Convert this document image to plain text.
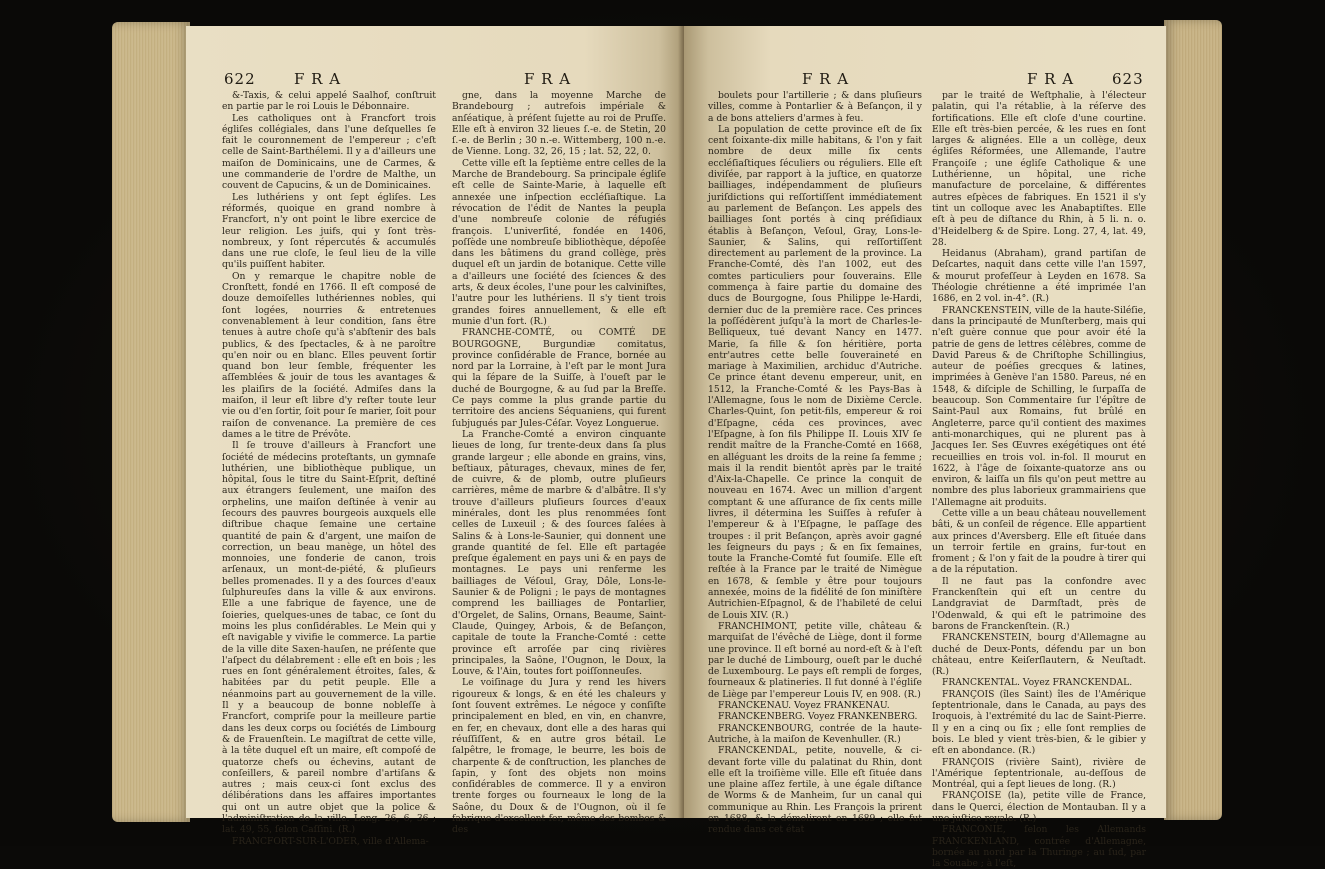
622	F R A	F R A

&-Taxis, & celui appelé Saalhof, conſtruit en partie par le roi Louis le Débonnaire.

Les catholiques ont à Francfort trois égliſes collégiales, dans l'une deſquelles ſe fait le couronnement de l'empereur ; c'eſt celle de Saint-Barthélemi. Il y a d'ailleurs une maiſon de Dominicains, une de Carmes, & une commanderie de l'ordre de Malthe, un couvent de Capucins, & un de Dominicaines.

Les luthériens y ont ſept égliſes. Les réformés, quoique en grand nombre à Francfort, n'y ont point le libre exercice de leur religion. Les juifs, qui y ſont très-nombreux, y ſont répercutés & accumulés dans une rue cloſe, le ſeul lieu de la ville qu'ils puiſſent habiter.

On y remarque le chapitre noble de Cronſtett, fondé en 1766. Il eſt composé de douze demoiſelles luthériennes nobles, qui ſont logées, nourries & entretenues convenablement à leur condition, ſans être tenues à autre choſe qu'à s'abſtenir des bals publics, & des ſpectacles, & à ne paroître qu'en noir ou en blanc. Elles peuvent ſortir quand bon leur ſemble, fréquenter les aſſemblées & jouir de tous les avantages & les plaiſirs de la ſociété. Admiſes dans la maiſon, il leur eſt libre d'y reſter toute leur vie ou d'en ſortir, ſoit pour ſe marier, ſoit pour raiſon de convenance. La première de ces dames a le titre de Prévôte.

Il ſe trouve d'ailleurs à Francfort une ſociété de médecins proteſtants, un gymnaſe luthérien, une bibliothèque publique, un hôpital, ſous le titre du Saint-Eſprit, deſtiné aux étrangers ſeulement, une maiſon des orphelins, une maiſon deſtinée à venir au ſecours des pauvres bourgeois auxquels elle diſtribue chaque ſemaine une certaine quantité de pain & d'argent, une maiſon de correction, un beau manège, un hôtel des monnoies, une fonderie de canon, trois arſenaux, un mont-de-piété, & pluſieurs belles promenades. Il y a des ſources d'eaux ſulphureuſes dans la ville & aux environs. Elle a une fabrique de fayence, une de ſoieries, quelques-unes de tabac, ce ſont du moins les plus conſidérables. Le Mein qui y eſt navigable y vivifie le commerce. La partie de la ville dite Saxen-hauſen, ne préſente que l'aſpect du délabrement : elle eſt en bois ; les rues en ſont généralement étroites, ſales, & habitées par du petit peuple. Elle a néanmoins part au gouvernement de la ville. Il y a beaucoup de bonne nobleſſe à Francfort, compriſe pour la meilleure partie dans les deux corps ou ſociétés de Limbourg & de Frauenſtein. Le magiſtrat de cette ville, à la tête duquel eſt un maire, eſt compoſé de quatorze chefs ou échevins, autant de conſeillers, & pareil nombre d'artiſans & autres ; mais ceux-ci ſont exclus des délibérations dans les affaires importantes qui ont un autre objet que la police & l'adminiſtration de la ville. Long. 26, 6, 36 ; lat. 49, 55, ſelon Caſſini. (R.)

FRANCFORT-SUR-L'ODER, ville d'Allema-

gne, dans la moyenne Marche de Brandebourg ; autrefois impériale & anſéatique, à préſent ſujette au roi de Pruſſe. Elle eſt à environ 32 lieues ſ.-e. de Stetin, 20 ſ.-e. de Berlin ; 30 n.-e. Wittemberg, 100 n.-e. de Vienne. Long. 32, 26, 15 ; lat. 52, 22, 0.

Cette ville eſt la ſeptième entre celles de la Marche de Brandebourg. Sa principale égliſe eſt celle de Sainte-Marie, à laquelle eſt annexée une inſpection eccléſiaſtique. La révocation de l'édit de Nantes la peupla d'une nombreuſe colonie de réfugiés françois. L'univerſité, fondée en 1406, poſſède une nombreuſe bibliothèque, dépoſée dans les bâtimens du grand collège, près duquel eſt un jardin de botanique. Cette ville a d'ailleurs une ſociété des ſciences & des arts, & deux écoles, l'une pour les calviniſtes, l'autre pour les luthériens. Il s'y tient trois grandes foires annuellement, & elle eſt munie d'un fort. (R.)

FRANCHE-COMTÉ, ou COMTÉ DE BOURGOGNE, Burgundiæ comitatus, province conſidérable de France, bornée au nord par la Lorraine, à l'eſt par le mont Jura qui la ſépare de la Suiſſe, à l'oueſt par le duché de Bourgogne, & au ſud par la Breſſe. Ce pays comme la plus grande partie du territoire des anciens Séquaniens, qui furent ſubjugués par Jules-Céſar. Voyez Longuerue.

La Franche-Comté a environ cinquante lieues de long, ſur trente-deux dans ſa plus grande largeur ; elle abonde en grains, vins, beſtiaux, pâturages, chevaux, mines de fer, de cuivre, & de plomb, outre pluſieurs carrières, même de marbre & d'albâtre. Il s'y trouve d'ailleurs pluſieurs ſources d'eaux minérales, dont les plus renommées ſont celles de Luxeuil ; & des ſources ſalées à Salins & à Lons-le-Saunier, qui donnent une grande quantité de ſel. Elle eſt partagée preſque également en pays uni & en pays de montagnes. Le pays uni renferme les bailliages de Véſoul, Gray, Dôle, Lons-le-Saunier & de Poligni ; le pays de montagnes comprend les bailliages de Pontarlier, d'Orgelet, de Salins, Ornans, Beaume, Saint-Claude, Quingey, Arbois, & de Beſançon, capitale de toute la Franche-Comté : cette province eſt arroſée par cinq rivières principales, la Saône, l'Ougnon, le Doux, la Louve, & l'Ain, toutes fort poiſſonneuſes.

Le voiſinage du Jura y rend les hivers rigoureux & longs, & en été les chaleurs y ſont ſouvent extrêmes. Le négoce y conſiſte principalement en bled, en vin, en chanvre, en fer, en chevaux, dont elle a des haras qui réuſſiſſent, & en autre gros bétail. Le ſalpêtre, le fromage, le beurre, les bois de charpente & de conſtruction, les planches de ſapin, y ſont des objets non moins conſidérables de commerce. Il y a environ trente forges ou fourneaux le long de la Saône, du Doux & de l'Ougnon, où il ſe fabrique d'excellent fer, même des bombes & des

F R A	F R A	623

boulets pour l'artillerie ; & dans pluſieurs villes, comme à Pontarlier & à Beſançon, il y a de bons atteliers d'armes à feu.

La population de cette province eſt de ſix cent ſoixante-dix mille habitans, & l'on y fait nombre de deux mille ſix cents eccléſiaſtiques ſéculiers ou réguliers. Elle eſt diviſée, par rapport à la juſtice, en quatorze bailliages, indépendamment de pluſieurs juriſdictions qui reſſortiſſent immédiatement au parlement de Beſançon. Les appels des bailliages ſont portés à cinq préſidiaux établis à Beſançon, Veſoul, Gray, Lons-le-Saunier, & Salins, qui reſſortiſſent directement au parlement de la province. La Franche-Comté, dès l'an 1002, eut des comtes particuliers pour ſouverains. Elle commença à faire partie du domaine des ducs de Bourgogne, ſous Philippe le-Hardi, dernier duc de la première race. Ces princes la poſſédèrent juſqu'à la mort de Charles-le-Belliqueux, tué devant Nancy en 1477. Marie, ſa fille & ſon héritière, porta entr'autres cette belle ſouveraineté en mariage à Maximilien, archiduc d'Autriche. Ce prince étant devenu empereur, unit, en 1512, la Franche-Comté & les Pays-Bas à l'Allemagne, ſous le nom de Dixième Cercle. Charles-Quint, ſon petit-fils, empereur & roi d'Eſpagne, céda ces provinces, avec l'Eſpagne, à ſon fils Philippe II. Louis XIV ſe rendit maître de la Franche-Comté en 1668, en alléguant les droits de la reine ſa femme ; mais il la rendit bientôt après par le traité d'Aix-la-Chapelle. Ce prince la conquit de nouveau en 1674. Avec un million d'argent comptant & une aſſurance de ſix cents mille livres, il détermina les Suiſſes à refuſer à l'empereur & à l'Eſpagne, le paſſage des troupes : il prit Beſançon, après avoir gagné les ſeigneurs du pays ; & en ſix ſemaines, toute la Franche-Comté fut ſoumiſe. Elle eſt reſtée à la France par le traité de Nimègue en 1678, & ſemble y être pour toujours annexée, moins de la fidélité de ſon miniſtère Autrichien-Eſpagnol, & de l'habileté de celui de Louis XIV. (R.)

FRANCHIMONT, petite ville, château & marquiſat de l'évêché de Liège, dont il forme une province. Il eſt borné au nord-eſt & à l'eſt par le duché de Limbourg, oueſt par le duché de Luxembourg. Le pays eſt rempli de forges, fourneaux & platineries. Il fut donné à l'égliſe de Liège par l'empereur Louis IV, en 908. (R.)

FRANCKENAU. Voyez FRANKENAU.

FRANCKENBERG. Voyez FRANKENBERG.

FRANCKENBOURG, contrée de la haute-Autriche, à la maiſon de Kevenhuller. (R.)

FRANCKENDAL, petite, nouvelle, & ci-devant forte ville du palatinat du Rhin, dont elle eſt la troiſième ville. Elle eſt ſituée dans une plaine aſſez fertile, à une égale diſtance de Worms & de Manheim, ſur un canal qui communique au Rhin. Les François la prirent en 1688, & la démolirent en 1689 ; elle fut rendue dans cet état

par le traité de Weſtphalie, à l'électeur palatin, qui l'a rétablie, à la réſerve des fortifications. Elle eſt cloſe d'une courtine. Elle eſt très-bien percée, & les rues en ſont larges & alignées. Elle a un collège, deux égliſes Réformées, une Allemande, l'autre Françoiſe ; une égliſe Catholique & une Luthérienne, un hôpital, une riche manufacture de porcelaine, & différentes autres eſpèces de fabriques. En 1521 il s'y tint un colloque avec les Anabaptiſtes. Elle eſt à peu de diſtance du Rhin, à 5 li. n. o. d'Heidelberg & de Spire. Long. 27, 4, lat. 49, 28.

Heidanus (Abraham), grand partiſan de Deſcartes, naquit dans cette ville l'an 1597, & mourut profeſſeur à Leyden en 1678. Sa Théologie chrétienne a été imprimée l'an 1686, en 2 vol. in-4°. (R.)

FRANCKENSTEIN, ville de la haute-Siléſie, dans la principauté de Munſterberg, mais qui n'eſt guère connue que pour avoir été la patrie de gens de lettres célèbres, comme de David Pareus & de Chriſtophe Schillingius, auteur de poéſies grecques & latines, imprimées à Genève l'an 1580. Pareus, né en 1548, & diſciple de Schilling, le ſurpaſſa de beaucoup. Son Commentaire ſur l'épître de Saint-Paul aux Romains, fut brûlé en Angleterre, parce qu'il contient des maximes anti-monarchiques, qui ne plurent pas à Jacques Ier. Ses Œuvres exégétiques ont été recueillies en trois vol. in-fol. Il mourut en 1622, à l'âge de ſoixante-quatorze ans ou environ, & laiſſa un fils qu'on peut mettre au nombre des plus laborieux grammairiens que l'Allemagne ait produits.

Cette ville a un beau château nouvellement bâti, & un conſeil de régence. Elle appartient aux princes d'Aversberg. Elle eſt ſituée dans un terroir fertile en grains, fur-tout en froment ; & l'on y fait de la poudre à tirer qui a de la réputation.

Il ne faut pas la confondre avec Franckenſtein qui eſt un centre du Landgraviat de Darmſtadt, près de l'Odenwald, & qui eſt le patrimoine des barons de Franckenſtein. (R.)

FRANCKENSTEIN, bourg d'Allemagne au duché de Deux-Ponts, défendu par un bon château, entre Keiſerſlautern, & Neuſtadt. (R.)

FRANCKENTAL. Voyez FRANCKENDAL.

FRANÇOIS (îles Saint) îles de l'Amérique ſeptentrionale, dans le Canada, au pays des Iroquois, à l'extrémité du lac de Saint-Pierre. Il y en a cinq ou ſix ; elle ſont remplies de bois. Le bled y vient très-bien, & le gibier y eſt en abondance. (R.)

FRANÇOIS (rivière Saint), rivière de l'Amérique ſeptentrionale, au-deſſous de Montréal, qui a ſept lieues de long. (R.)

FRANÇOISE (la), petite ville de France, dans le Querci, élection de Montauban. Il y a une juſtice royale. (R.)

FRANCONIE, ſelon les Allemands FRANCKENLAND, contrée d'Allemagne, bornée au nord par la Thuringe ; au ſud, par la Souabe ; à l'eſt,
